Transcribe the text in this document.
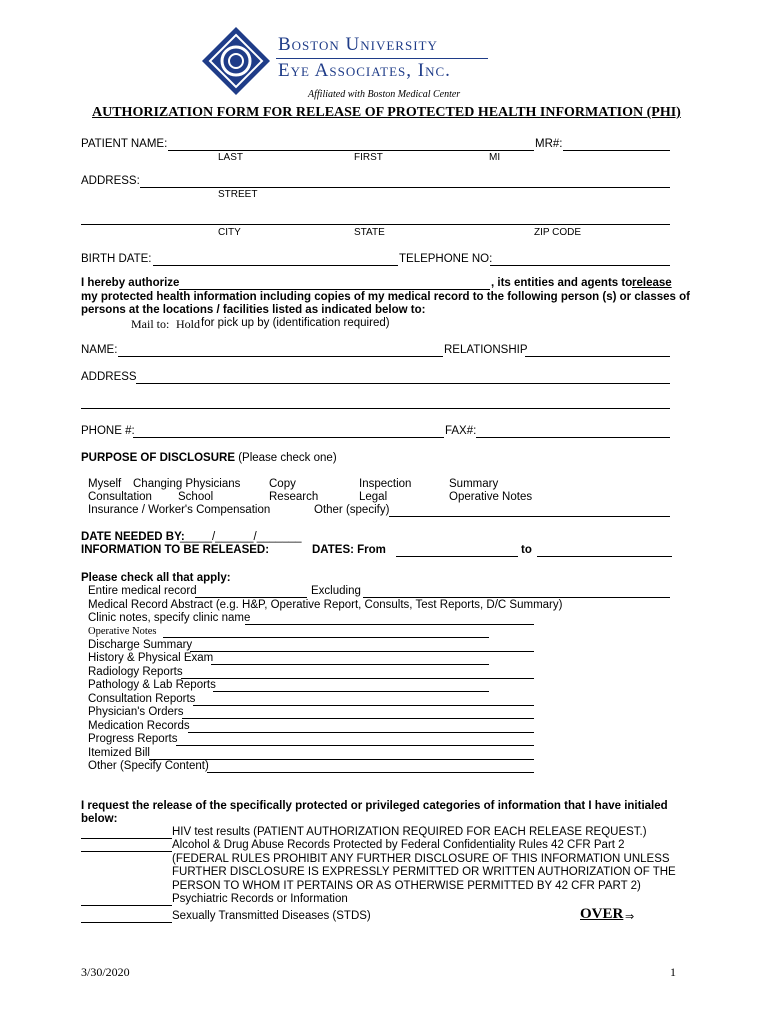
Boston University
Eye Associates, Inc.
Affiliated with Boston Medical Center
AUTHORIZATION FORM FOR RELEASE OF PROTECTED HEALTH INFORMATION (PHI)
PATIENT NAME:	MR#:
LAST	FIRST	MI
ADDRESS:
STREET
CITY	STATE	ZIP CODE
BIRTH DATE:	TELEPHONE NO:
I hereby authorize	, its entities and agents to release
my protected health information including copies of my medical record to the following person (s) or classes of
persons at the locations / facilities listed as indicated below to:
Mail to: Hold for pick up by (identification required)
NAME:	RELATIONSHIP
ADDRESS
PHONE #:	FAX#:
PURPOSE OF DISCLOSURE (Please check one)
Myself Changing Physicians Copy	Inspection	Summary
Consultation School	Research	Legal	Operative Notes
Insurance / Worker's Compensation	Other (specify)
DATE NEEDED BY:
_____/______/_______
INFORMATION TO BE RELEASED:	DATES: From	to
Please check all that apply:
Entire medical record	Excluding
Medical Record Abstract (e.g. H&P, Operative Report, Consults, Test Reports, D/C Summary)
Clinic notes, specify clinic name
Operative Notes
Discharge Summary
History & Physical Exam
Radiology Reports
Pathology & Lab Reports
Consultation Reports
Physician's Orders
Medication Records
Progress Reports
Itemized Bill
Other (Specify Content)
I request the release of the specifically protected or privileged categories of information that I have initialed
below:
HIV test results (PATIENT AUTHORIZATION REQUIRED FOR EACH RELEASE REQUEST.)
Alcohol & Drug Abuse Records Protected by Federal Confidentiality Rules 42 CFR Part 2
(FEDERAL RULES PROHIBIT ANY FURTHER DISCLOSURE OF THIS INFORMATION UNLESS
FURTHER DISCLOSURE IS EXPRESSLY PERMITTED OR WRITTEN AUTHORIZATION OF THE
PERSON TO WHOM IT PERTAINS OR AS OTHERWISE PERMITTED BY 42 CFR PART 2)
Psychiatric Records or Information
Sexually Transmitted Diseases (STDS)	OVER ⇒
3/30/2020	1
